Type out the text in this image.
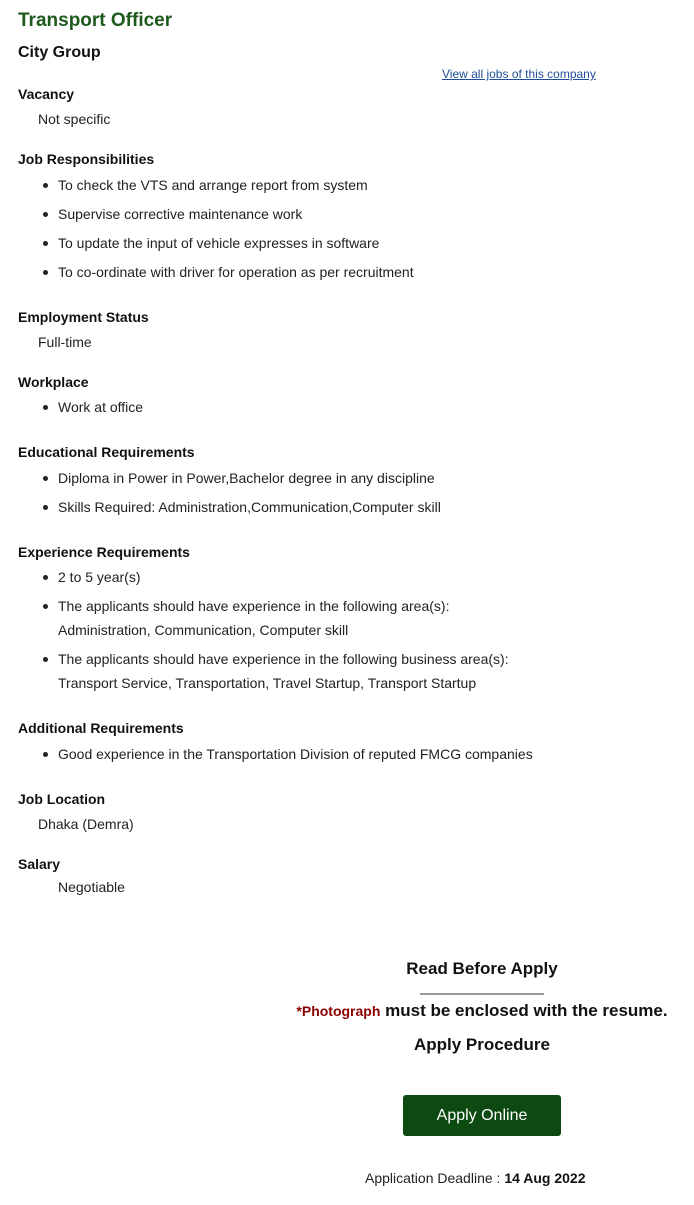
Transport Officer
City Group
View all jobs of this company
Vacancy
Not specific
Job Responsibilities
To check the VTS and arrange report from system
Supervise corrective maintenance work
To update the input of vehicle expresses in software
To co-ordinate with driver for operation as per recruitment
Employment Status
Full-time
Workplace
Work at office
Educational Requirements
Diploma in Power in Power,Bachelor degree in any discipline
Skills Required: Administration,Communication,Computer skill
Experience Requirements
2 to 5 year(s)
The applicants should have experience in the following area(s):
Administration, Communication, Computer skill
The applicants should have experience in the following business area(s):
Transport Service, Transportation, Travel Startup, Transport Startup
Additional Requirements
Good experience in the Transportation Division of reputed FMCG companies
Job Location
Dhaka (Demra)
Salary
Negotiable
Read Before Apply
*Photograph must be enclosed with the resume.
Apply Procedure
Apply Online
Application Deadline : 14 Aug 2022
